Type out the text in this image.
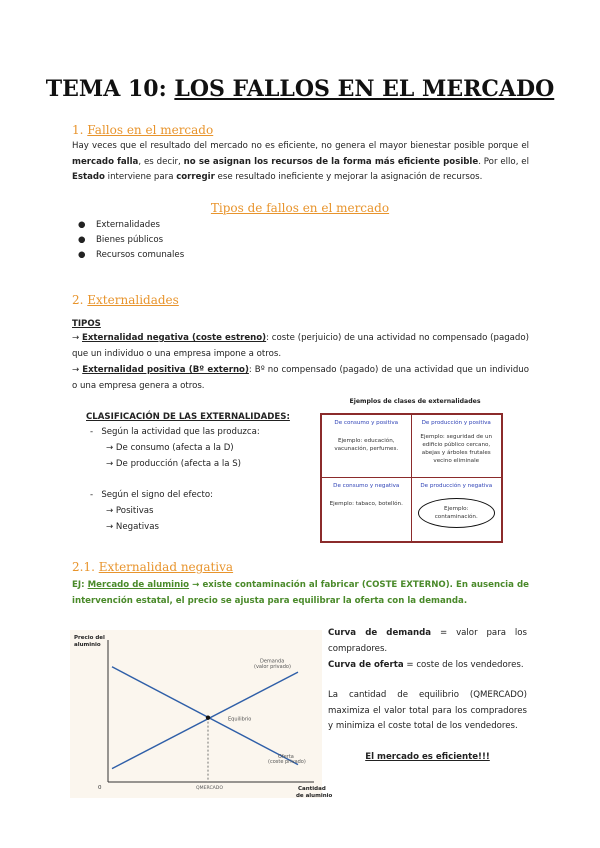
TEMA 10: LOS FALLOS EN EL MERCADO
1. Fallos en el mercado
Hay veces que el resultado del mercado no es eficiente, no genera el mayor bienestar posible porque el mercado falla, es decir, no se asignan los recursos de la forma más eficiente posible. Por ello, el Estado interviene para corregir ese resultado ineficiente y mejorar la asignación de recursos.
Tipos de fallos en el mercado
● Externalidades
● Bienes públicos
● Recursos comunales
2. Externalidades
TIPOS
→ Externalidad negativa (coste estreno): coste (perjuicio) de una actividad no compensado (pagado) que un individuo o una empresa impone a otros.
→ Externalidad positiva (Bº externo): Bº no compensado (pagado) de una actividad que un individuo o una empresa genera a otros.
CLASIFICACIÓN DE LAS EXTERNALIDADES:
- Según la actividad que las produzca:
→ De consumo (afecta a la D)
→ De producción (afecta a la S)
- Según el signo del efecto:
→ Positivas
→ Negativas
Ejemplos de clases de externalidades
De consumo y positiva
Ejemplo: educación, vacunación, perfumes.
De producción y positiva
Ejemplo: seguridad de un edificio público cercano, abejas y árboles frutales vecino eliminale
De consumo y negativa
Ejemplo: tabaco, botellón.
De producción y negativa
Ejemplo: contaminación.
2.1. Externalidad negativa
EJ: Mercado de aluminio → existe contaminación al fabricar (COSTE EXTERNO). En ausencia de intervención estatal, el precio se ajusta para equilibrar la oferta con la demanda.
Precio del
aluminio
Cantidad
de aluminio
0
Demanda
(valor privado)
Oferta
(coste privado)
Equilibrio
QMERCADO
Curva de demanda = valor para los compradores.
Curva de oferta = coste de los vendedores.
La cantidad de equilibrio (QMERCADO) maximiza el valor total para los compradores y minimiza el coste total de los vendedores.
El mercado es eficiente!!!
